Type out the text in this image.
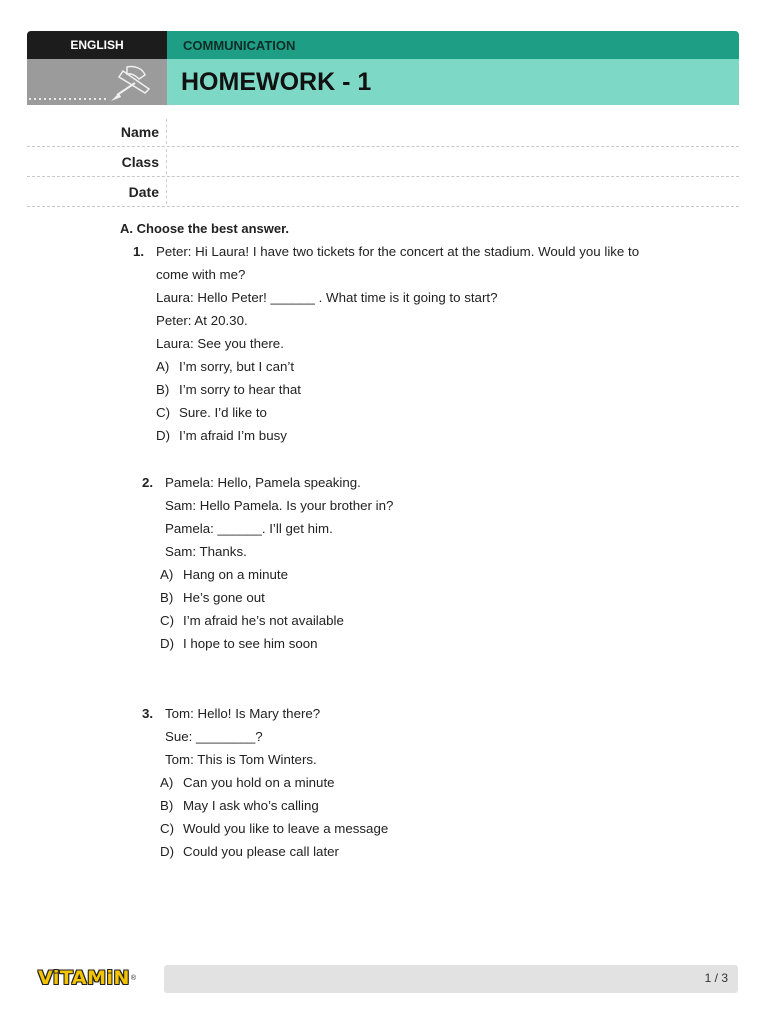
ENGLISH	COMMUNICATION
HOMEWORK - 1
Name
Class
Date
A. Choose the best answer.
1. Peter: Hi Laura! I have two tickets for the concert at the stadium. Would you like to
come with me?
Laura: Hello Peter! ______ . What time is it going to start?
Peter: At 20.30.
Laura: See you there.
A) I’m sorry, but I can’t
B) I’m sorry to hear that
C) Sure. I’d like to
D) I’m afraid I’m busy
2. Pamela: Hello, Pamela speaking.
Sam: Hello Pamela. Is your brother in?
Pamela: ______. I’ll get him.
Sam: Thanks.
A) Hang on a minute
B) He’s gone out
C) I’m afraid he’s not available
D) I hope to see him soon
3. Tom: Hello! Is Mary there?
Sue: ________?
Tom: This is Tom Winters.
A) Can you hold on a minute
B) May I ask who’s calling
C) Would you like to leave a message
D) Could you please call later
ViTAMiN ®	1 / 3
